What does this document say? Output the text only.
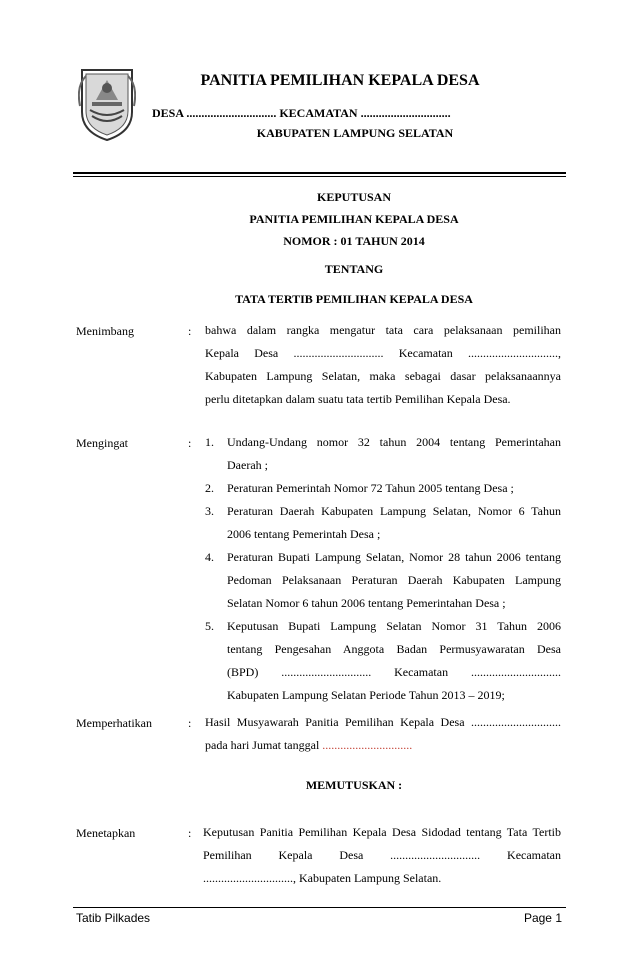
PANITIA PEMILIHAN KEPALA DESA
DESA .............................. KECAMATAN ..............................
KABUPATEN LAMPUNG SELATAN
KEPUTUSAN
PANITIA PEMILIHAN KEPALA DESA
NOMOR : 01 TAHUN 2014
TENTANG
TATA TERTIB PEMILIHAN KEPALA DESA
Menimbang	: bahwa dalam rangka mengatur tata cara pelaksanaan pemilihan
Kepala Desa .............................. Kecamatan ..............................,
Kabupaten Lampung Selatan, maka sebagai dasar pelaksanaannya
perlu ditetapkan dalam suatu tata tertib Pemilihan Kepala Desa.
Mengingat	: 1. Undang-Undang nomor 32 tahun 2004 tentang Pemerintahan
Daerah ;
2. Peraturan Pemerintah Nomor 72 Tahun 2005 tentang Desa ;
3. Peraturan Daerah Kabupaten Lampung Selatan, Nomor 6 Tahun
2006 tentang Pemerintah Desa ;
4. Peraturan Bupati Lampung Selatan, Nomor 28 tahun 2006 tentang
Pedoman Pelaksanaan Peraturan Daerah Kabupaten Lampung
Selatan Nomor 6 tahun 2006 tentang Pemerintahan Desa ;
5. Keputusan Bupati Lampung Selatan Nomor 31 Tahun 2006
tentang Pengesahan Anggota Badan Permusyawaratan Desa
(BPD) .............................. Kecamatan ..............................
Kabupaten Lampung Selatan Periode Tahun 2013 – 2019;
Memperhatikan	: Hasil Musyawarah Panitia Pemilihan Kepala Desa ..............................
pada hari Jumat tanggal ..............................
MEMUTUSKAN :
Menetapkan	: Keputusan Panitia Pemilihan Kepala Desa Sidodad tentang Tata Tertib
Pemilihan Kepala Desa .............................. Kecamatan
.............................., Kabupaten Lampung Selatan.
Tatib Pilkades	Page 1
